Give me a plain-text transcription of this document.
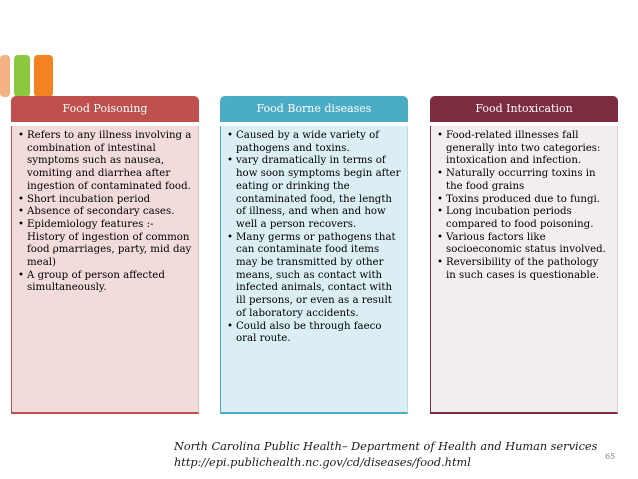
Food Poisoning
• Refers to any illness involving a combination of intestinal symptoms such as nausea, vomiting and diarrhea after ingestion of contaminated food.
• Short incubation period
• Absence of secondary cases.
• Epidemiology features :- History of ingestion of common food ρmarriages, party, mid day meal)
• A group of person affected simultaneously.
Food Borne diseases
• Caused by a wide variety of pathogens and toxins.
• vary dramatically in terms of how soon symptoms begin after eating or drinking the contaminated food, the length of illness, and when and how well a person recovers.
• Many germs or pathogens that can contaminate food items may be transmitted by other means, such as contact with infected animals, contact with ill persons, or even as a result of laboratory accidents.
• Could also be through faeco oral route.
Food Intoxication
• Food-related illnesses fall generally into two categories: intoxication and infection.
• Naturally occurring toxins in the food grains
• Toxins produced due to fungi.
• Long incubation periods compared to food poisoning.
• Various factors like socioeconomic status involved.
• Reversibility of the pathology in such cases is questionable.
North Carolina Public Health– Department of Health and Human services
http://epi.publichealth.nc.gov/cd/diseases/food.html	65
